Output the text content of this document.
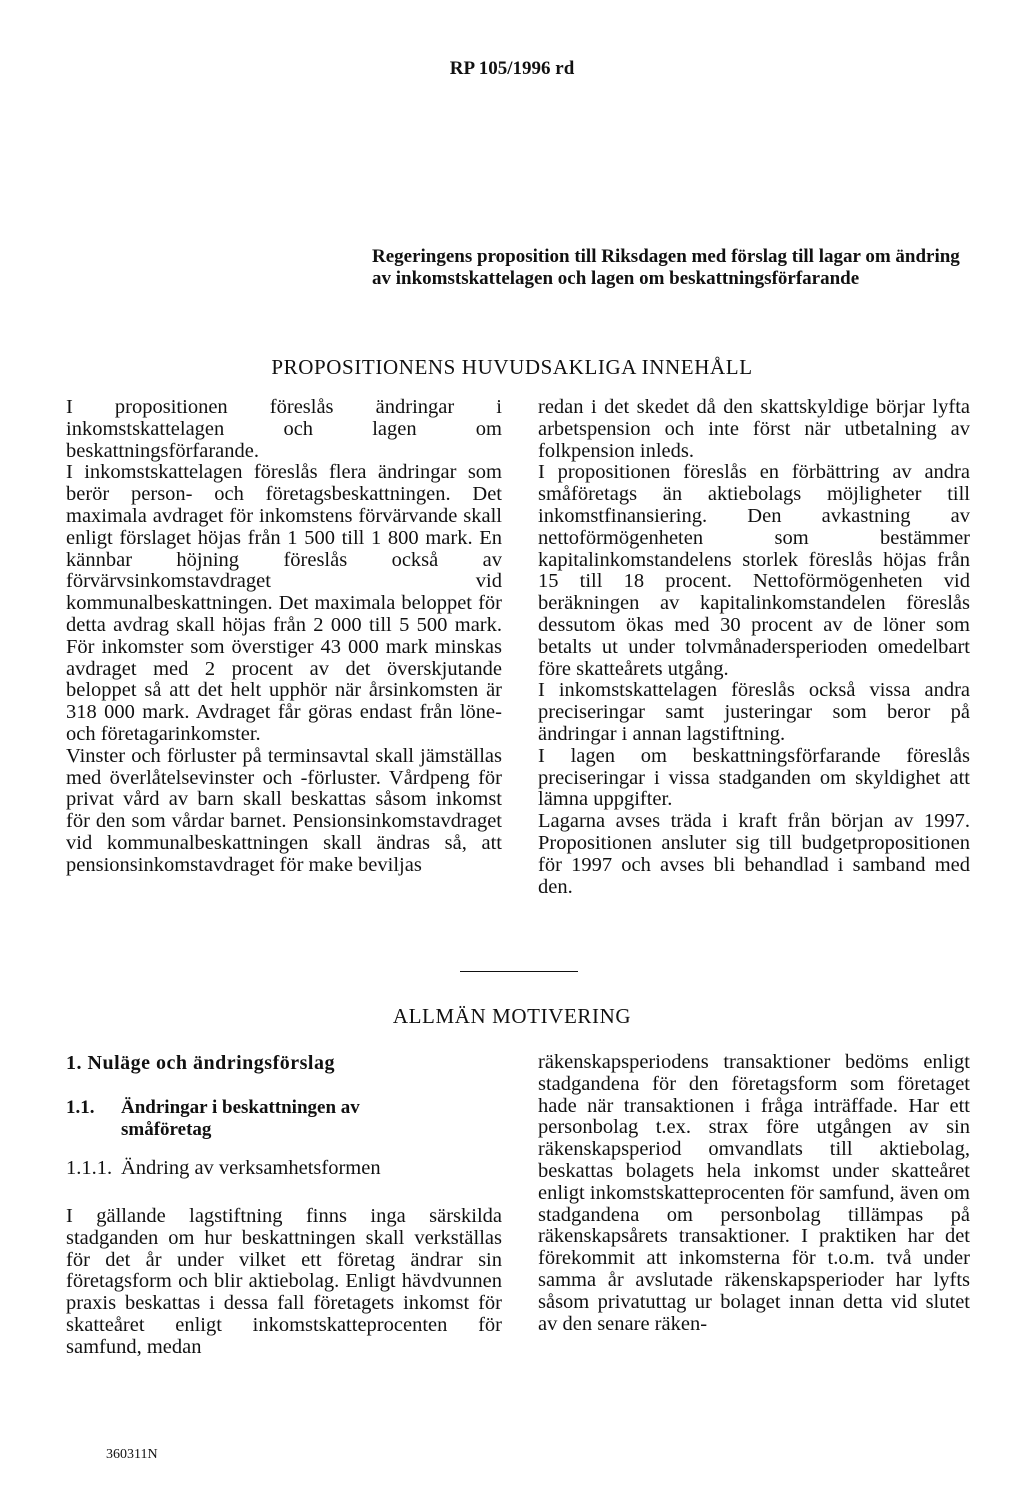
RP 105/1996 rd
Regeringens proposition till Riksdagen med förslag till lagar om ändring av inkomstskattelagen och lagen om beskattningsförfarande
PROPOSITIONENS HUVUDSAKLIGA INNEHÅLL

I propositionen föreslås ändringar i inkomstskattelagen och lagen om beskattningsförfarande.

I inkomstskattelagen föreslås flera ändringar som berör person- och företagsbeskattningen. Det maximala avdraget för inkomstens förvärvande skall enligt förslaget höjas från 1 500 till 1 800 mark. En kännbar höjning föreslås också av förvärvsinkomstavdraget vid kommunalbeskattningen. Det maximala beloppet för detta avdrag skall höjas från 2 000 till 5 500 mark. För inkomster som överstiger 43 000 mark minskas avdraget med 2 procent av det överskjutande beloppet så att det helt upphör när årsinkomsten är 318 000 mark. Avdraget får göras endast från löne- och företagarinkomster.

Vinster och förluster på terminsavtal skall jämställas med överlåtelsevinster och -förluster. Vårdpeng för privat vård av barn skall beskattas såsom inkomst för den som vårdar barnet. Pensionsinkomstavdraget vid kommunalbeskattningen skall ändras så, att pensionsinkomstavdraget för make beviljas

redan i det skedet då den skattskyldige börjar lyfta arbetspension och inte först när utbetalning av folkpension inleds.

I propositionen föreslås en förbättring av andra småföretags än aktiebolags möjligheter till inkomstfinansiering. Den avkastning av nettoförmögenheten som bestämmer kapitalinkomstandelens storlek föreslås höjas från 15 till 18 procent. Nettoförmögenheten vid beräkningen av kapitalinkomstandelen föreslås dessutom ökas med 30 procent av de löner som betalts ut under tolvmånadersperioden omedelbart före skatteårets utgång.

I inkomstskattelagen föreslås också vissa andra preciseringar samt justeringar som beror på ändringar i annan lagstiftning.

I lagen om beskattningsförfarande föreslås preciseringar i vissa stadganden om skyldighet att lämna uppgifter.

Lagarna avses träda i kraft från början av 1997. Propositionen ansluter sig till budgetpropositionen för 1997 och avses bli behandlad i samband med den.

ALLMÄN MOTIVERING
1. Nuläge och ändringsförslag
1.1. Ändringar i beskattningen av
småföretag
1.1.1. Ändring av verksamhetsformen

I gällande lagstiftning finns inga särskilda stadganden om hur beskattningen skall verkställas för det år under vilket ett företag ändrar sin företagsform och blir aktiebolag. Enligt hävdvunnen praxis beskattas i dessa fall företagets inkomst för skatteåret enligt inkomstskatteprocenten för samfund, medan

räkenskapsperiodens transaktioner bedöms enligt stadgandena för den företagsform som företaget hade när transaktionen i fråga inträffade. Har ett personbolag t.ex. strax före utgången av sin räkenskapsperiod omvandlats till aktiebolag, beskattas bolagets hela inkomst under skatteåret enligt inkomstskatteprocenten för samfund, även om stadgandena om personbolag tillämpas på räkenskapsårets transaktioner. I praktiken har det förekommit att inkomsterna för t.o.m. två under samma år avslutade räkenskapsperioder har lyfts såsom privatuttag ur bolaget innan detta vid slutet av den senare räken-

360311N
